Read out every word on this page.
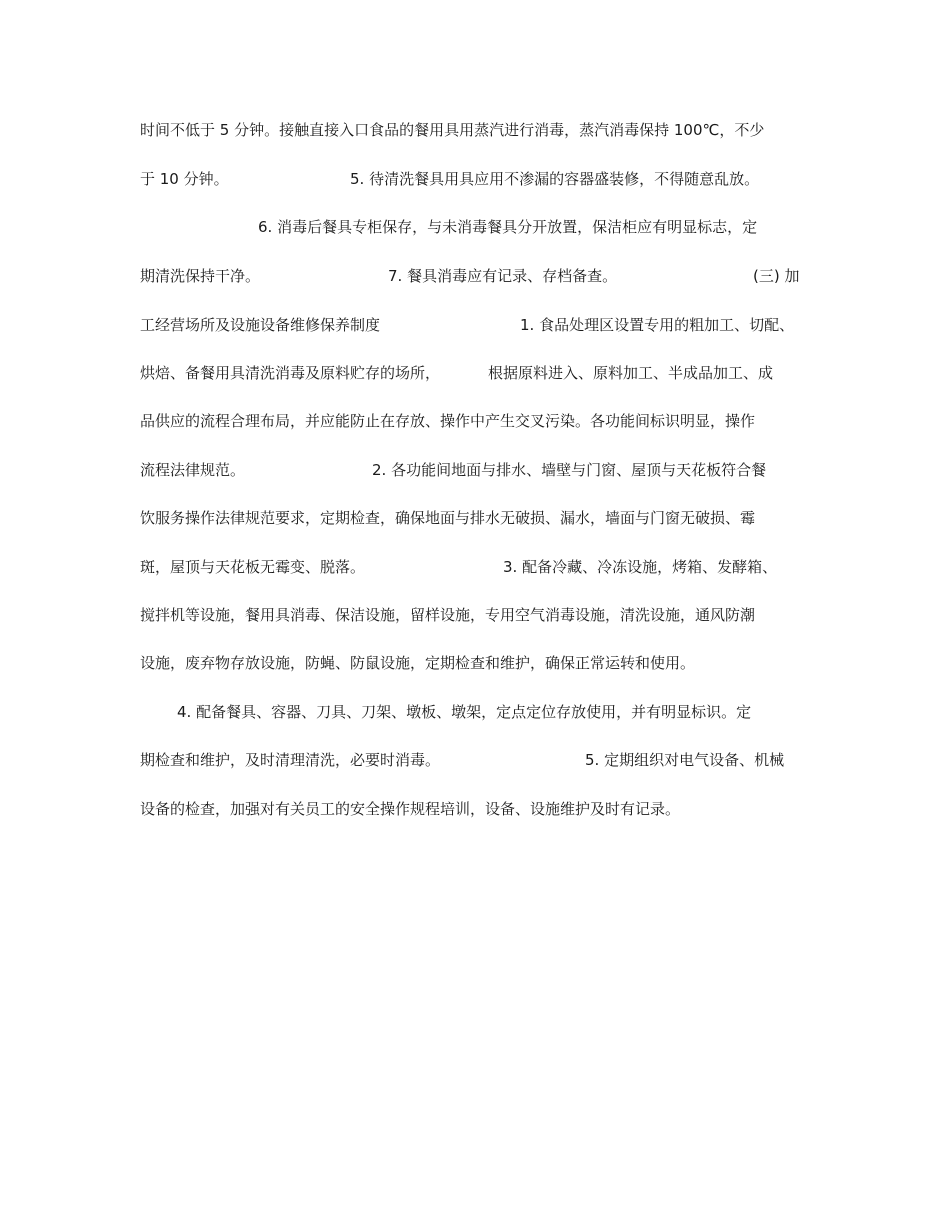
时间不低于 5 分钟。接触直接入口食品的餐用具用蒸汽进行消毒，蒸汽消毒保持 100℃，不少
于 10 分钟。	5. 待清洗餐具用具应用不渗漏的容器盛装修，不得随意乱放。
6. 消毒后餐具专柜保存，与未消毒餐具分开放置，保洁柜应有明显标志，定
期清洗保持干净。	7. 餐具消毒应有记录、存档备查。	(三) 加
工经营场所及设施设备维修保养制度	1. 食品处理区设置专用的粗加工、切配、
烘焙、备餐用具清洗消毒及原料贮存的场所，	根据原料进入、原料加工、半成品加工、成
品供应的流程合理布局，并应能防止在存放、操作中产生交叉污染。各功能间标识明显，操作
流程法律规范。	2. 各功能间地面与排水、墙壁与门窗、屋顶与天花板符合餐
饮服务操作法律规范要求，定期检查，确保地面与排水无破损、漏水，墙面与门窗无破损、霉
斑，屋顶与天花板无霉变、脱落。	3. 配备冷藏、冷冻设施，烤箱、发酵箱、
搅拌机等设施，餐用具消毒、保洁设施，留样设施，专用空气消毒设施，清洗设施，通风防潮
设施，废弃物存放设施，防蝇、防鼠设施，定期检查和维护，确保正常运转和使用。
4. 配备餐具、容器、刀具、刀架、墩板、墩架，定点定位存放使用，并有明显标识。定
期检查和维护，及时清理清洗，必要时消毒。	5. 定期组织对电气设备、机械
设备的检查，加强对有关员工的安全操作规程培训，设备、设施维护及时有记录。
